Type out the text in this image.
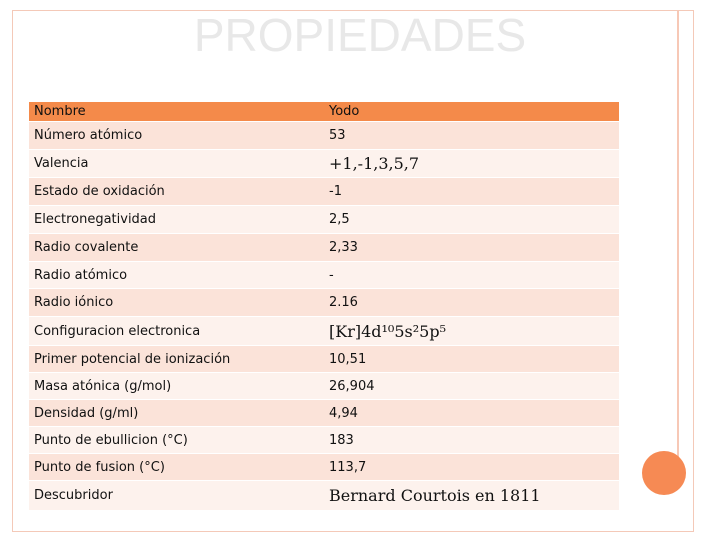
PROPIEDADES
Nombre	Yodo
Número atómico	53
Valencia	+1,-1,3,5,7
Estado de oxidación	-1
Electronegatividad	2,5
Radio covalente	2,33
Radio atómico	-
Radio iónico	2.16
Configuracion electronica	[Kr]4d¹⁰5s²5p⁵
Primer potencial de ionización	10,51
Masa atónica (g/mol)	26,904
Densidad (g/ml)	4,94
Punto de ebullicion (°C)	183
Punto de fusion (°C)	113,7
Descubridor	Bernard Courtois en 1811
